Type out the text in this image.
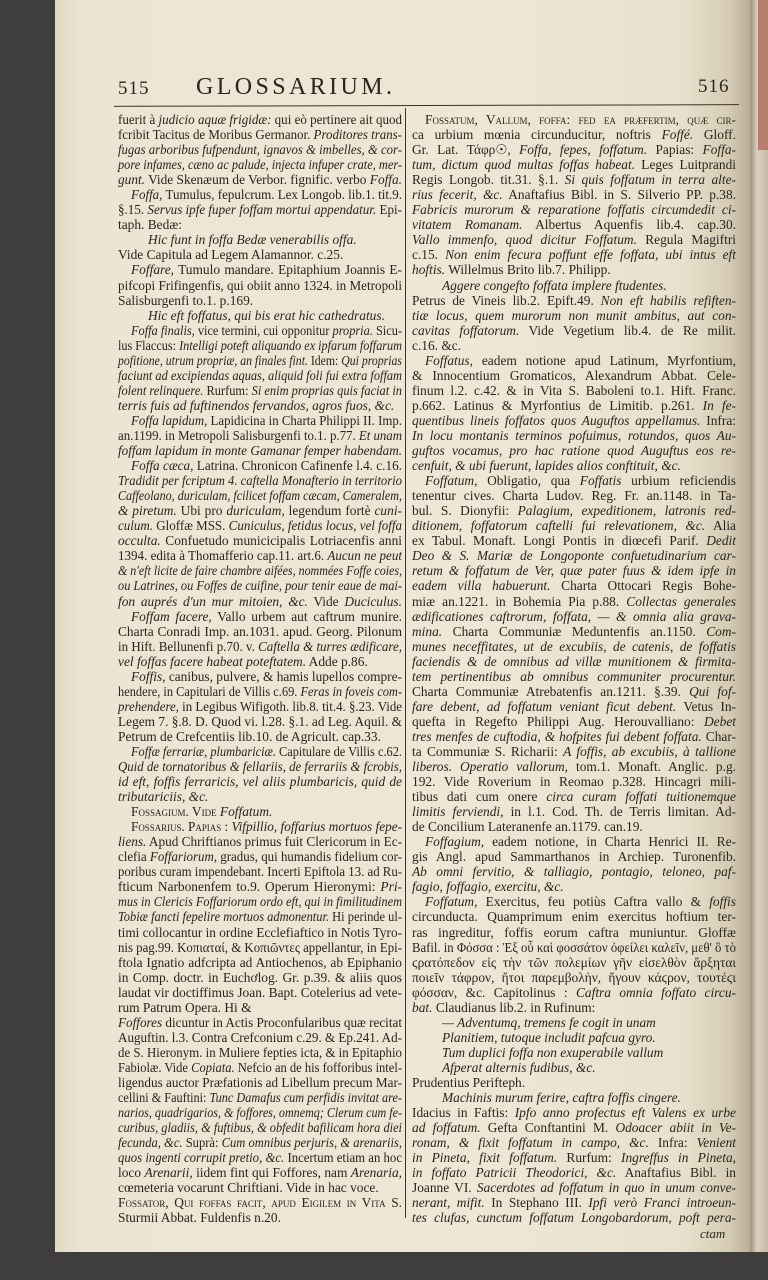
515 GLOSSARIUM.	516
fuerit à judicio aquæ frigidæ: qui eò pertinere ait quod
fcribit Tacitus de Moribus Germanor. Proditores trans-
fugas arboribus fufpendunt, ignavos & imbelles, & cor-
pore infames, cæno ac palude, injecta infuper crate, mer-
gunt. Vide Skenæum de Verbor. fignific. verbo Foffa.
Foffa, Tumulus, fepulcrum. Lex Longob. lib.1. tit.9.
§.15. Servus ipfe fuper foffam mortui appendatur. Epi-
taph. Bedæ:
Hic funt in foffa Bedæ venerabilis offa.
Vide Capitula ad Legem Alamannor. c.25.
Foffare, Tumulo mandare. Epitaphium Joannis E-
pifcopi Frifingenfis, qui obiit anno 1324. in Metropoli
Salisburgenfi to.1. p.169.
Hic eft foffatus, qui bis erat hic cathedratus.
Foffa finalis, vice termini, cui opponitur propria. Sicu-
lus Flaccus: Intelligi poteft aliquando ex ipfarum foffarum
pofitione, utrum propriæ, an finales fint. Idem: Qui proprias
faciunt ad excipiendas aquas, aliquid foli fui extra foffam
folent relinquere. Rurfum: Si enim proprias quis faciat in
terris fuis ad fuftinendos fervandos, agros fuos, &c.
Foffa lapidum, Lapidicina in Charta Philippi II. Imp.
an.1199. in Metropoli Salisburgenfi to.1. p.77. Et unam
foffam lapidum in monte Gamanar femper habendam.
Foffa cæca, Latrina. Chronicon Cafinenfe l.4. c.16.
Tradidit per fcriptum 4. caftella Monafterio in territorio
Caffeolano, duriculam, fcilicet foffam cæcam, Cameralem,
& piretum. Ubi pro duriculam, legendum fortè cuni-
culum. Gloffæ MSS. Cuniculus, fetidus locus, vel foffa
occulta. Confuetudo municicipalis Lotriacenfis anni
1394. edita à Thomafferio cap.11. art.6. Aucun ne peut
& n'eft licite de faire chambre aifées, nommées Foffe coies,
ou Latrines, ou Foffes de cuifine, pour tenir eaue de mai-
fon auprés d'un mur mitoien, &c. Vide Duciculus.
Foffam facere, Vallo urbem aut caftrum munire.
Charta Conradi Imp. an.1031. apud. Georg. Pilonum
in Hift. Bellunenfi p.70. v. Caftella & turres ædificare,
vel foffas facere habeat poteftatem. Adde p.86.
Foffis, canibus, pulvere, & hamis lupellos compre-
hendere, in Capitulari de Villis c.69. Feras in foveis com-
prehendere, in Legibus Wifigoth. lib.8. tit.4. §.23. Vide
Legem 7. §.8. D. Quod vi. l.28. §.1. ad Leg. Aquil. &
Petrum de Crefcentiis lib.10. de Agricult. cap.33.
Foffæ ferrariæ, plumbariciæ. Capitulare de Villis c.62.
Quid de tornatoribus & fellariis, de ferrariis & fcrobis,
id eft, foffis ferraricis, vel aliis plumbaricis, quid de
tributariciis, &c.
Fossagium. Vide Foffatum.
Fossarius. Papias : Vifpillio, foffarius mortuos fepe-
liens. Apud Chriftianos primus fuit Clericorum in Ec-
clefia Foffariorum, gradus, qui humandis fidelium cor-
poribus curam impendebant. Incerti Epiftola 13. ad Ru-
fticum Narbonenfem to.9. Operum Hieronymi: Pri-
mus in Clericis Foffariorum ordo eft, qui in fimilitudinem
Tobiæ fancti fepelire mortuos admonentur. Hi perinde ul-
timi collocantur in ordine Ecclefiaftico in Notis Tyro-
nis pag.99. Κοπιαταί, & Κοπιῶντες appellantur, in Epi-
ftola Ignatio adfcripta ad Antiochenos, ab Epiphanio
in Comp. doctr. in Euchơlog. Gr. p.39. & aliis quos
laudat vir doctiffimus Joan. Bapt. Cotelerius ad vete-
rum Patrum Opera. Hi &
Foffores dicuntur in Actis Proconfularibus quæ recitat
Auguftin. l.3. Contra Crefconium c.29. & Ep.241. Ad-
de S. Hieronym. in Muliere fepties icta, & in Epitaphio
Fabiolæ. Vide Copiata. Nefcio an de his fofforibus intel-
ligendus auctor Præfationis ad Libellum precum Mar-
cellini & Fauftini: Tunc Damafus cum perfidis invitat are-
narios, quadrigarios, & foffores, omnemq; Clerum cum fe-
curibus, gladiis, & fuftibus, & obfedit bafilicam hora diei
fecunda, &c. Suprà: Cum omnibus perjuris, & arenariis,
quos ingenti corrupit pretio, &c. Incertum etiam an hoc
loco Arenarii, iidem fint qui Foffores, nam Arenaria,
cœmeteria vocarunt Chriftiani. Vide in hac voce.
Fossator, Qui foffas facit, apud Eigilem in Vita S.
Sturmii Abbat. Fuldenfis n.20.
Fossatum, Vallum, foffa: fed ea præfertim, quæ cir-
ca urbium mœnia circunducitur, noftris Foffé. Gloff.
Gr. Lat. Τάφρ☉, Foffa, fepes, foffatum. Papias: Foffa-
tum, dictum quod multas foffas habeat. Leges Luitprandi
Regis Longob. tit.31. §.1. Si quis foffatum in terra alte-
rius fecerit, &c. Anaftafius Bibl. in S. Silverio PP. p.38.
Fabricis murorum & reparatione foffatis circumdedit ci-
vitatem Romanam. Albertus Aquenfis lib.4. cap.30.
Vallo immenfo, quod dicitur Foffatum. Regula Magiftri
c.15. Non enim fecura poffunt effe foffata, ubi intus eft
hoftis. Willelmus Brito lib.7. Philipp.
Aggere congefto foffata implere ftudentes.
Petrus de Vineis lib.2. Epift.49. Non eft habilis refiften-
tiæ locus, quem murorum non munit ambitus, aut con-
cavitas foffatorum. Vide Vegetium lib.4. de Re milit.
c.16. &c.
Foffatus, eadem notione apud Latinum, Myrfontium,
& Innocentium Gromaticos, Alexandrum Abbat. Cele-
finum l.2. c.42. & in Vita S. Baboleni to.1. Hift. Franc.
p.662. Latinus & Myrfontius de Limitib. p.261. In fe-
quentibus lineis foffatos quos Auguftos appellamus. Infra:
In locu montanis terminos pofuimus, rotundos, quos Au-
guftos vocamus, pro hac ratione quod Auguftus eos re-
cenfuit, & ubi fuerunt, lapides alios conftituit, &c.
Foffatum, Obligatio, qua Foffatis urbium reficiendis
tenentur cives. Charta Ludov. Reg. Fr. an.1148. in Ta-
bul. S. Dionyfii: Palagium, expeditionem, latronis red-
ditionem, foffatorum caftelli fui relevationem, &c. Alia
ex Tabul. Monaft. Longi Pontis in diœcefi Parif. Dedit
Deo & S. Mariæ de Longoponte confuetudinarium car-
retum & foffatum de Ver, quæ pater fuus & idem ipfe in
eadem villa habuerunt. Charta Ottocari Regis Bohe-
miæ an.1221. in Bohemia Pia p.88. Collectas generales
ædificationes caftrorum, foffata, — & omnia alia grava-
mina. Charta Communiæ Meduntenfis an.1150. Com-
munes neceffitates, ut de excubiis, de catenis, de foffatis
faciendis & de omnibus ad villæ munitionem & firmita-
tem pertinentibus ab omnibus communiter procurentur.
Charta Communiæ Atrebatenfis an.1211. §.39. Qui fof-
fare debent, ad foffatum veniant ficut debent. Vetus In-
quefta in Regefto Philippi Aug. Herouvalliano: Debet
tres menfes de cuftodia, & hofpites fui debent foffata. Char-
ta Communiæ S. Richarii: A foffis, ab excubiis, à tallione
liberos. Operatio vallorum, tom.1. Monaft. Anglic. p.g.
192. Vide Roverium in Reomao p.328. Hincagri mili-
tibus dati cum onere circa curam foffati tuitionemque
limitis ferviendi, in l.1. Cod. Th. de Terris limitan. Ad-
de Concilium Lateranenfe an.1179. can.19.
Foffagium, eadem notione, in Charta Henrici II. Re-
gis Angl. apud Sammarthanos in Archiep. Turonenfib.
Ab omni fervitio, & talliagio, pontagio, teloneo, paf-
fagio, foffagio, exercitu, &c.
Foffatum, Exercitus, feu potiùs Caftra vallo & foffis
circunducta. Quamprimum enim exercitus hoftium ter-
ras ingreditur, foffis eorum caftra muniuntur. Gloffæ
Bafil. in Φόσσα : Ἐξ οὗ καὶ φοσσάτον ὀφείλει καλεῖν, μεθ' ὃ τὸ
ϛρατόπεδον εἰς τὴν τῶν πολεμίων γῆν εἰσελθὸν ἄρξηται
ποιεῖν τάφρον, ἤτοι παρεμβολὴν, ἤγουν κάϛρον, τουτέϛι
φόσσαν, &c. Capitolinus : Caftra omnia foffato circu-
bat. Claudianus lib.2. in Rufinum:
— Adventumq, tremens fe cogit in unam
Planitiem, tutoque includit pafcua gyro.
Tum duplici foffa non exuperabile vallum
Afperat alternis fudibus, &c.
Prudentius Perifteph.
Machinis murum ferire, caftra foffis cingere.
Idacius in Faftis: Ipfo anno profectus eft Valens ex urbe
ad foffatum. Gefta Conftantini M. Odoacer abiit in Ve-
ronam, & fixit foffatum in campo, &c. Infra: Venient
in Pineta, fixit foffatum. Rurfum: Ingreffus in Pineta,
in foffato Patricii Theodorici, &c. Anaftafius Bibl. in
Joanne VI. Sacerdotes ad foffatum in quo in unum conve-
nerant, mifit. In Stephano III. Ipfi verò Franci introeun-
tes clufas, cunctum foffatum Longobardorum, poft pera-
ctam
